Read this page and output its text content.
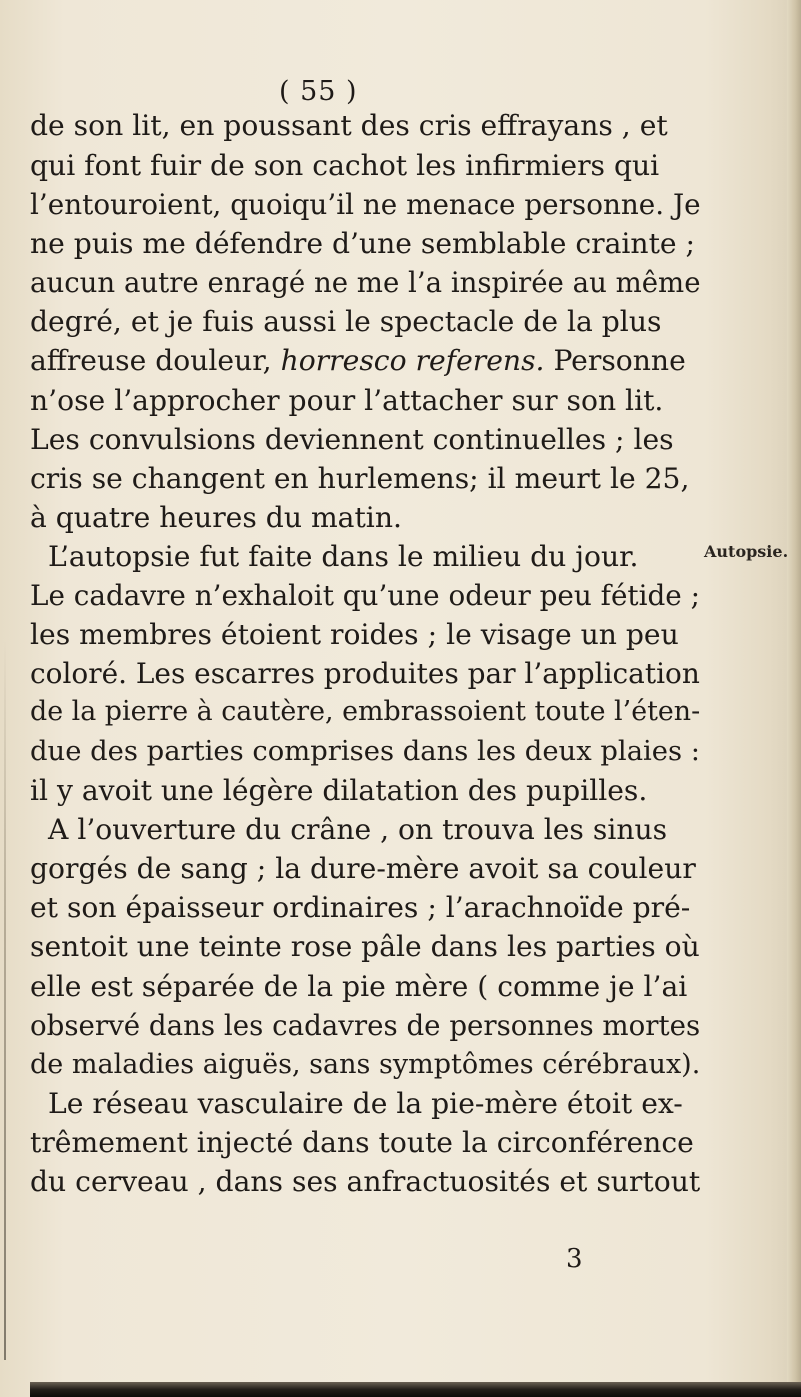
( 55 )
de son lit, en poussant des cris effrayans , et
qui font fuir de son cachot les infirmiers qui
l’entouroient, quoiqu’il ne menace personne. Je
ne puis me défendre d’une semblable crainte ;
aucun autre enragé ne me l’a inspirée au même
degré, et je fuis aussi le spectacle de la plus
affreuse douleur, horresco referens. Personne
n’ose l’approcher pour l’attacher sur son lit.
Les convulsions deviennent continuelles ; les
cris se changent en hurlemens; il meurt le 25,
à quatre heures du matin.
L’autopsie fut faite dans le milieu du jour.
Le cadavre n’exhaloit qu’une odeur peu fétide ;
les membres étoient roides ; le visage un peu
coloré. Les escarres produites par l’application
de la pierre à cautère, embrassoient toute l’éten-
due des parties comprises dans les deux plaies :
il y avoit une légère dilatation des pupilles.
A l’ouverture du crâne , on trouva les sinus
gorgés de sang ; la dure-mère avoit sa couleur
et son épaisseur ordinaires ; l’arachnoïde pré-
sentoit une teinte rose pâle dans les parties où
elle est séparée de la pie mère ( comme je l’ai
observé dans les cadavres de personnes mortes
de maladies aiguës, sans symptômes cérébraux).
Le réseau vasculaire de la pie-mère étoit ex-
trêmement injecté dans toute la circonférence
du cerveau , dans ses anfractuosités et surtout
Autopsie.
3
